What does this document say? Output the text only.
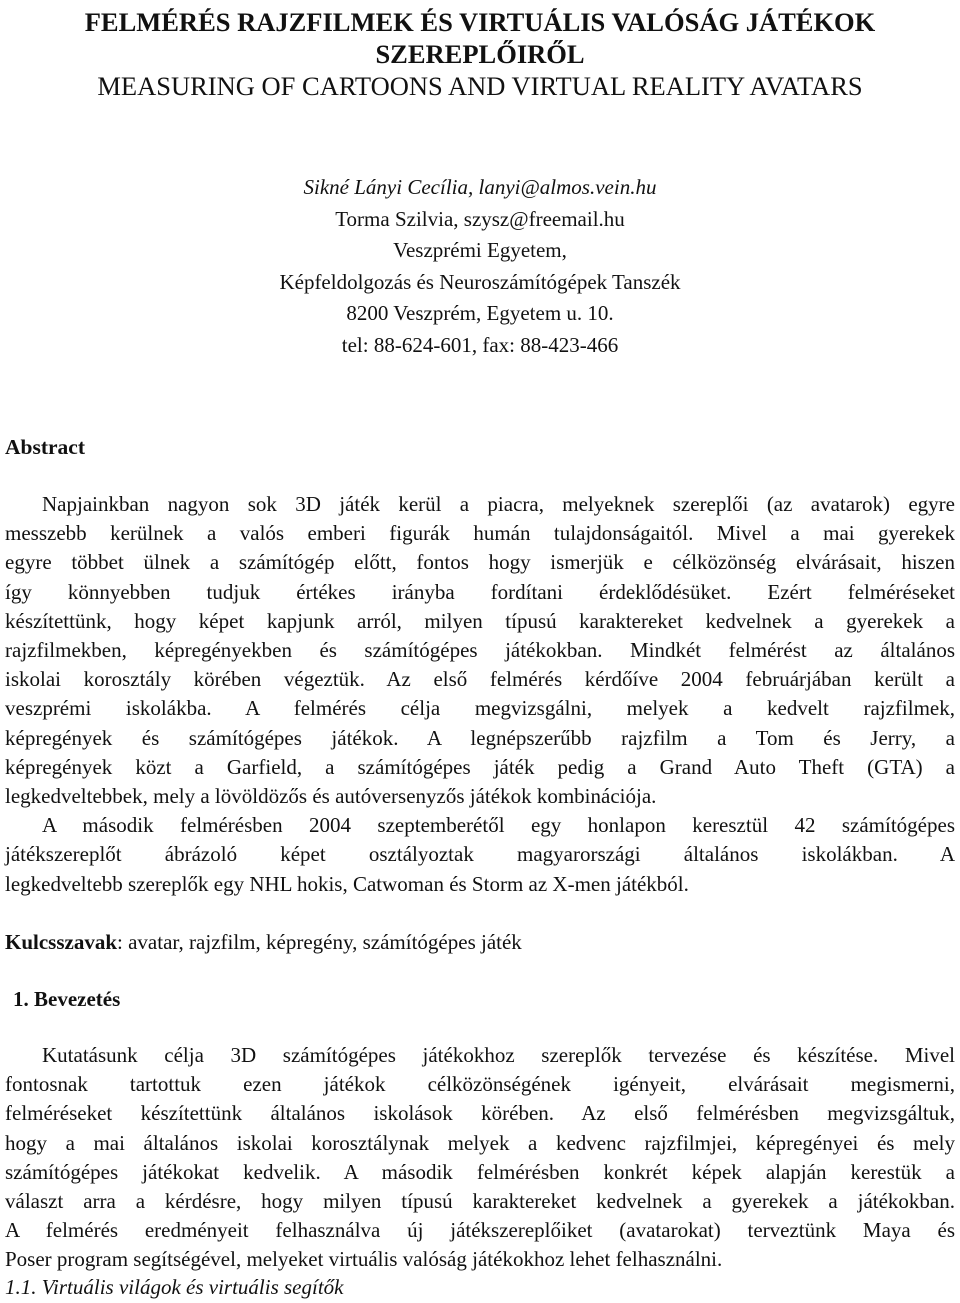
FELMÉRÉS RAJZFILMEK ÉS VIRTUÁLIS VALÓSÁG JÁTÉKOK

SZEREPLŐIRŐL

MEASURING OF CARTOONS AND VIRTUAL REALITY AVATARS

Sikné Lányi Cecília, lanyi@almos.vein.hu
Torma Szilvia, szysz@freemail.hu
Veszprémi Egyetem,
Képfeldolgozás és Neuroszámítógépek Tanszék
8200 Veszprém, Egyetem u. 10.
tel: 88-624-601, fax: 88-423-466

Abstract

Napjainkban nagyon sok 3D játék kerül a piacra, melyeknek szereplői (az avatarok) egyre
messzebb kerülnek a valós emberi figurák humán tulajdonságaitól. Mivel a mai gyerekek
egyre többet ülnek a számítógép előtt, fontos hogy ismerjük e célközönség elvárásait, hiszen
így könnyebben tudjuk értékes irányba fordítani érdeklődésüket. Ezért felméréseket
készítettünk, hogy képet kapjunk arról, milyen típusú karaktereket kedvelnek a gyerekek a
rajzfilmekben, képregényekben és számítógépes játékokban. Mindkét felmérést az általános
iskolai korosztály körében végeztük. Az első felmérés kérdőíve 2004 februárjában került a
veszprémi iskolákba. A felmérés célja megvizsgálni, melyek a kedvelt rajzfilmek,
képregények és számítógépes játékok. A legnépszerűbb rajzfilm a Tom és Jerry, a
képregények közt a Garfield, a számítógépes játék pedig a Grand Auto Theft (GTA) a
legkedveltebbek, mely a lövöldözős és autóversenyzős játékok kombinációja.
A második felmérésben 2004 szeptemberétől egy honlapon keresztül 42 számítógépes
játékszereplőt ábrázoló képet osztályoztak magyarországi általános iskolákban. A
legkedveltebb szereplők egy NHL hokis, Catwoman és Storm az X-men játékból.

Kulcsszavak: avatar, rajzfilm, képregény, számítógépes játék

1. Bevezetés

Kutatásunk célja 3D számítógépes játékokhoz szereplők tervezése és készítése. Mivel
fontosnak tartottuk ezen játékok célközönségének igényeit, elvárásait megismerni,
felméréseket készítettünk általános iskolások körében. Az első felmérésben megvizsgáltuk,
hogy a mai általános iskolai korosztálynak melyek a kedvenc rajzfilmjei, képregényei és mely
számítógépes játékokat kedvelik. A második felmérésben konkrét képek alapján kerestük a
választ arra a kérdésre, hogy milyen típusú karaktereket kedvelnek a gyerekek a játékokban.
A felmérés eredményeit felhasználva új játékszereplőiket (avatarokat) terveztünk Maya és
Poser program segítségével, melyeket virtuális valóság játékokhoz lehet felhasználni.

1.1. Virtuális világok és virtuális segítők
